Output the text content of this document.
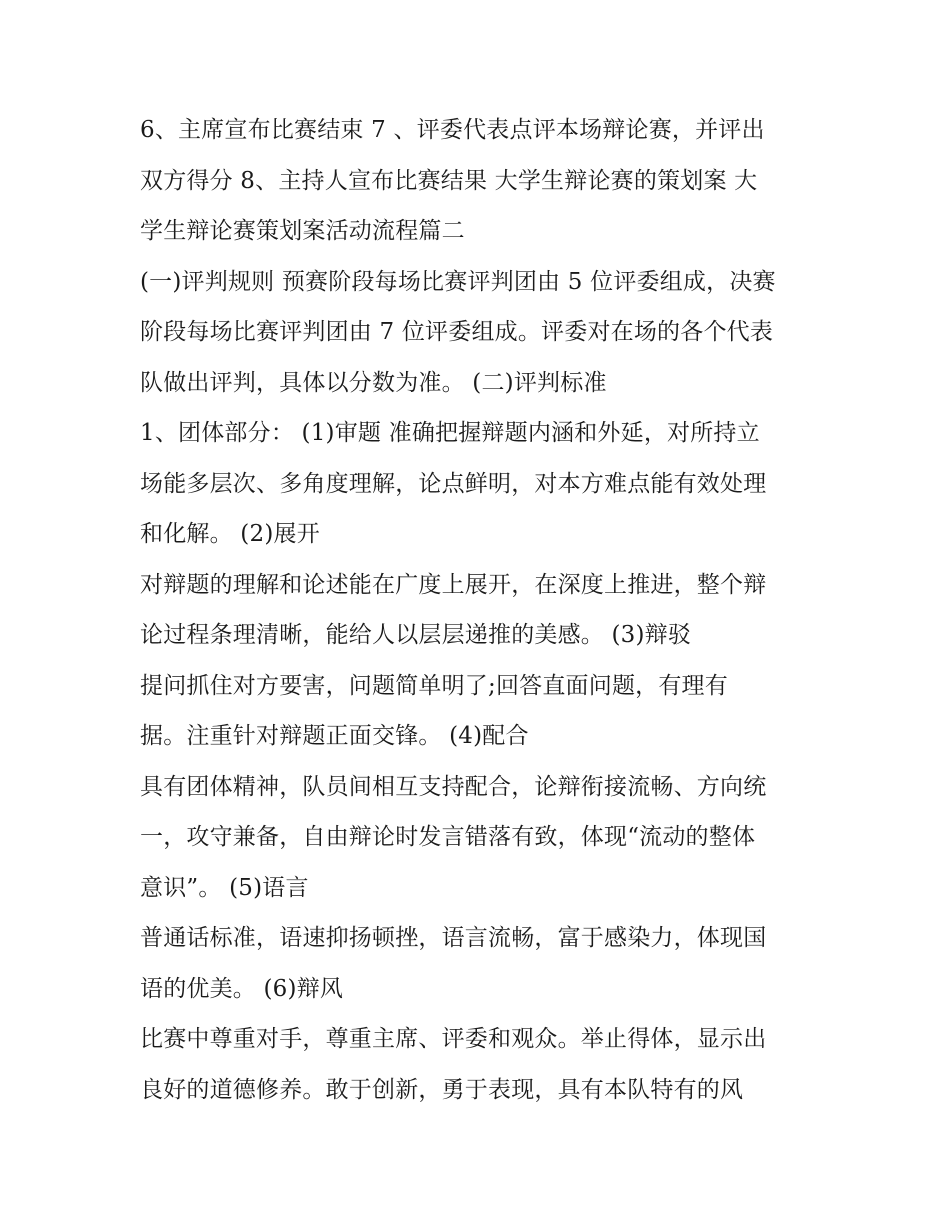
6、主席宣布比赛结束 7 、评委代表点评本场辩论赛，并评出
双方得分 8、主持人宣布比赛结果 大学生辩论赛的策划案 大
学生辩论赛策划案活动流程篇二
(一)评判规则 预赛阶段每场比赛评判团由 5 位评委组成，决赛
阶段每场比赛评判团由 7 位评委组成。评委对在场的各个代表
队做出评判，具体以分数为准。 (二)评判标准
1、团体部分： (1)审题 准确把握辩题内涵和外延，对所持立
场能多层次、多角度理解，论点鲜明，对本方难点能有效处理
和化解。 (2)展开
对辩题的理解和论述能在广度上展开，在深度上推进，整个辩
论过程条理清晰，能给人以层层递推的美感。 (3)辩驳
提问抓住对方要害，问题简单明了;回答直面问题，有理有
据。注重针对辩题正面交锋。 (4)配合
具有团体精神，队员间相互支持配合，论辩衔接流畅、方向统
一，攻守兼备，自由辩论时发言错落有致，体现“流动的整体
意识”。 (5)语言
普通话标准，语速抑扬顿挫，语言流畅，富于感染力，体现国
语的优美。 (6)辩风
比赛中尊重对手，尊重主席、评委和观众。举止得体，显示出
良好的道德修养。敢于创新，勇于表现，具有本队特有的风
